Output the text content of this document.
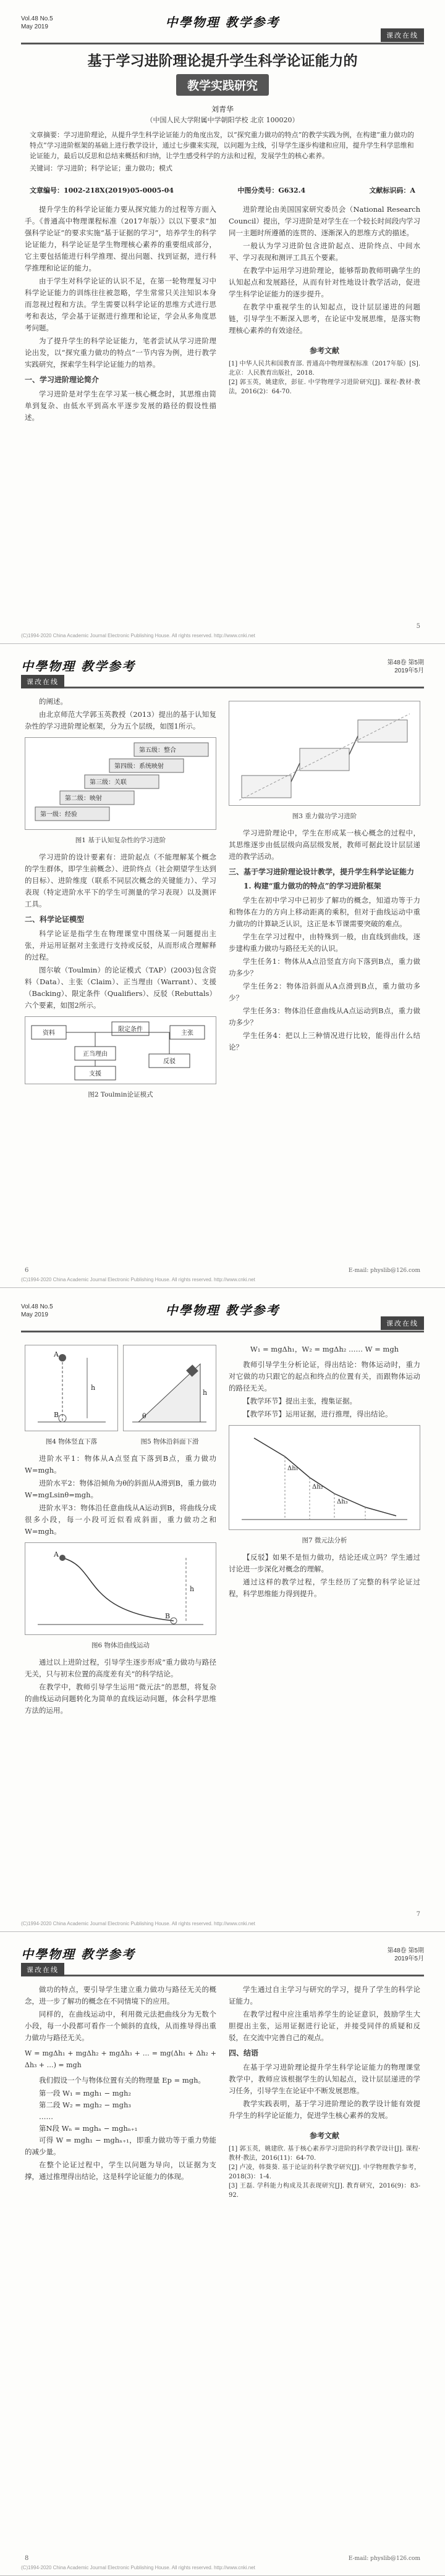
Vol.48 No.5
May 2019	中學物理 教学参考
课改在线
基于学习进阶理论提升学生科学论证能力的
教学实践研究
刘青华
（中国人民大学附属中学朝阳学校 北京 100020）
文章摘要：学习进阶理论，从提升学生科学论证能力的角度出发，以“探究重力做功的特点”的教学实践为例，在构建“重力做功的特点”学习进阶框架的基础上进行教学设计，通过七步骤来实现，以问题为主线，引导学生逐步构建和应用，提升学生科学思维和论证能力，最后以反思和总结来概括和归纳，让学生感受科学的方法和过程，发展学生的核心素养。
关键词：学习进阶；科学论证；重力做功；模式
文章编号：1002-218X(2019)05-0005-04	中图分类号：G632.4	文献标识码：A

提升学生的科学论证能力要从探究能力的过程等方面入手。《普通高中物理课程标准（2017年版）》以以下要求“加强科学论证”的要求实施“基于证据的学习”，培养学生的科学论证能力，科学论证是学生物理核心素养的重要组成部分，它主要包括能进行科学推理、提出问题、找到证据，进行科学推理和论证的能力。

由于学生对科学论证的认识不足，在第一轮物理复习中科学论证能力的训练往往被忽略，学生常常只关注知识本身而忽视过程和方法。学生需要以科学论证的思维方式进行思考和表达，学会基于证据进行推理和论证，学会从多角度思考问题。

为了提升学生的科学论证能力，笔者尝试从学习进阶理论出发，以“探究重力做功的特点”一节内容为例，进行教学实践研究，探索学生科学论证能力的培养。

一、学习进阶理论简介

学习进阶是对学生在学习某一核心概念时，其思维由简单到复杂、由低水平到高水平逐步发展的路径的假设性描述。

进阶理论由美国国家研究委员会（National Research Council）提出，学习进阶是对学生在一个较长时间段内学习同一主题时所遵循的连贯的、逐渐深入的思维方式的描述。

一般认为学习进阶包含进阶起点、进阶终点、中间水平、学习表现和测评工具五个要素。

在教学中运用学习进阶理论，能够帮助教师明确学生的认知起点和发展路径，从而有针对性地设计教学活动，促进学生科学论证能力的逐步提升。

在教学中重视学生的认知起点，设计层层递进的问题链，引导学生不断深入思考，在论证中发展思维，是落实物理核心素养的有效途径。

参考文献
[1] 中华人民共和国教育部. 普通高中物理课程标准（2017年版）[S]. 北京：人民教育出版社，2018.
[2] 郭玉英，姚建欣，彭征. 中学物理学习进阶研究[J]. 课程·教材·教法，2016(2)：64-70.
5
(C)1994-2020 China Academic Journal Electronic Publishing House. All rights reserved. http://www.cnki.net
中學物理 教学参考	第48卷 第5期
2019年5月
课改在线

的阐述。

由北京师范大学郭玉英教授（2013）提出的基于认知复杂性的学习进阶理论框架，分为五个层级，如图1所示。

第五级：整合
第四级：系统映射
第三级：关联
第二级：映射
第一级：经验
图1 基于认知复杂性的学习进阶

学习进阶的设计要素有：进阶起点（不能理解某个概念的学生群体，即学生前概念）、进阶终点（社会期望学生达到的目标）、进阶维度（联系不同层次概念的关键能力）、学习表现（特定进阶水平下的学生可测量的学习表现）以及测评工具。

二、科学论证模型

科学论证是指学生在物理课堂中围绕某一问题提出主张，并运用证据对主张进行支持或反驳，从而形成合理解释的过程。

图尔敏（Toulmin）的论证模式（TAP）(2003)包含资料（Data）、主张（Claim）、正当理由（Warrant）、支援（Backing）、限定条件（Qualifiers）、反驳（Rebuttals）六个要素，如图2所示。

资料	主张
限定条件
正当理由
支援
反驳
图2 Toulmin论证模式
图3 重力做功学习进阶

学习进阶理论中，学生在形成某一核心概念的过程中，其思维逐步由低层级向高层级发展，教师可据此设计层层递进的教学活动。

三、基于学习进阶理论设计教学，提升学生科学论证能力
1. 构建“重力做功的特点”的学习进阶框架

学生在初中学习中已初步了解功的概念，知道功等于力和物体在力的方向上移动距离的乘积，但对于曲线运动中重力做功的计算缺乏认识，这正是本节课需要突破的难点。

学生在学习过程中，由特殊到一般，由直线到曲线，逐步建构重力做功与路径无关的认识。

学生任务1：物体从A点沿竖直方向下落到B点，重力做功多少？

学生任务2：物体沿斜面从A点滑到B点，重力做功多少？

学生任务3：物体沿任意曲线从A点运动到B点，重力做功多少？

学生任务4：把以上三种情况进行比较，能得出什么结论？

6	E-mail: physlib@126.com
(C)1994-2020 China Academic Journal Electronic Publishing House. All rights reserved. http://www.cnki.net
Vol.48 No.5
May 2019	中學物理 教学参考
课改在线
h
A
B
图4 物体竖直下落
θ
h
图5 物体沿斜面下滑

进阶水平1：物体从A点竖直下落到B点，重力做功 W=mgh。

进阶水平2：物体沿倾角为θ的斜面从A滑到B，重力做功 W=mgLsinθ=mgh。

进阶水平3：物体沿任意曲线从A运动到B，将曲线分成很多小段，每一小段可近似看成斜面，重力做功之和 W=mgh。

h
A
B
图6 物体沿曲线运动

通过以上进阶过程，引导学生逐步形成“重力做功与路径无关，只与初末位置的高度差有关”的科学结论。

在教学中，教师引导学生运用“微元法”的思想，将复杂的曲线运动问题转化为简单的直线运动问题，体会科学思维方法的运用。

W₁ = mgΔh₁，W₂ = mgΔh₂ …… W = mgh

教师引导学生分析论证，得出结论：物体运动时，重力对它做的功只跟它的起点和终点的位置有关，而跟物体运动的路径无关。

【教学环节】提出主张，搜集证据。

【教学环节】运用证据，进行推理，得出结论。

Δh₁
Δh₂
Δh₃
图7 微元法分析

【反驳】如果不是恒力做功，结论还成立吗？学生通过讨论进一步深化对概念的理解。

通过这样的教学过程，学生经历了完整的科学论证过程，科学思维能力得到提升。

7
(C)1994-2020 China Academic Journal Electronic Publishing House. All rights reserved. http://www.cnki.net
中學物理 教学参考	第48卷 第5期
2019年5月
课改在线

做功的特点，要引导学生建立重力做功与路径无关的概念，进一步了解功的概念在不同情境下的应用。

同样的，在曲线运动中，利用微元法把曲线分为无数个小段，每一小段都可看作一个倾斜的直线，从而推导得出重力做功与路径无关。

W = mgΔh₁ + mgΔh₂ + mgΔh₃ + … = mg(Δh₁ + Δh₂ + Δh₃ + …) = mgh

我们假设一个与物体位置有关的物理量 Ep = mgh。

第一段 W₁ = mgh₁ − mgh₂
第二段 W₂ = mgh₂ − mgh₃
……
第N段 Wₙ = mghₙ − mghₙ₊₁

可得 W = mgh₁ − mghₙ₊₁，即重力做功等于重力势能的减少量。

在整个论证过程中，学生以问题为导向，以证据为支撑，通过推理得出结论，这是科学论证能力的体现。

学生通过自主学习与研究的学习，提升了学生的科学论证能力。

在教学过程中应注重培养学生的论证意识，鼓励学生大胆提出主张，运用证据进行论证，并接受同伴的质疑和反驳，在交流中完善自己的观点。

四、结语

在基于学习进阶理论提升学生科学论证能力的物理课堂教学中，教师应该根据学生的认知起点，设计层层递进的学习任务，引导学生在论证中不断发展思维。

教学实践表明，基于学习进阶理论的教学设计能有效提升学生的科学论证能力，促进学生核心素养的发展。

参考文献
[1] 郭玉英，姚建欣. 基于核心素养学习进阶的科学教学设计[J]. 课程·教材·教法，2016(11)：64-70.
[2] 卢凌，韩葵葵. 基于论证的科学教学研究[J]. 中学物理教学参考，2018(3)：1-4.
[3] 王磊. 学科能力构成及其表现研究[J]. 教育研究，2016(9)：83-92.
8	E-mail: physlib@126.com
(C)1994-2020 China Academic Journal Electronic Publishing House. All rights reserved. http://www.cnki.net
